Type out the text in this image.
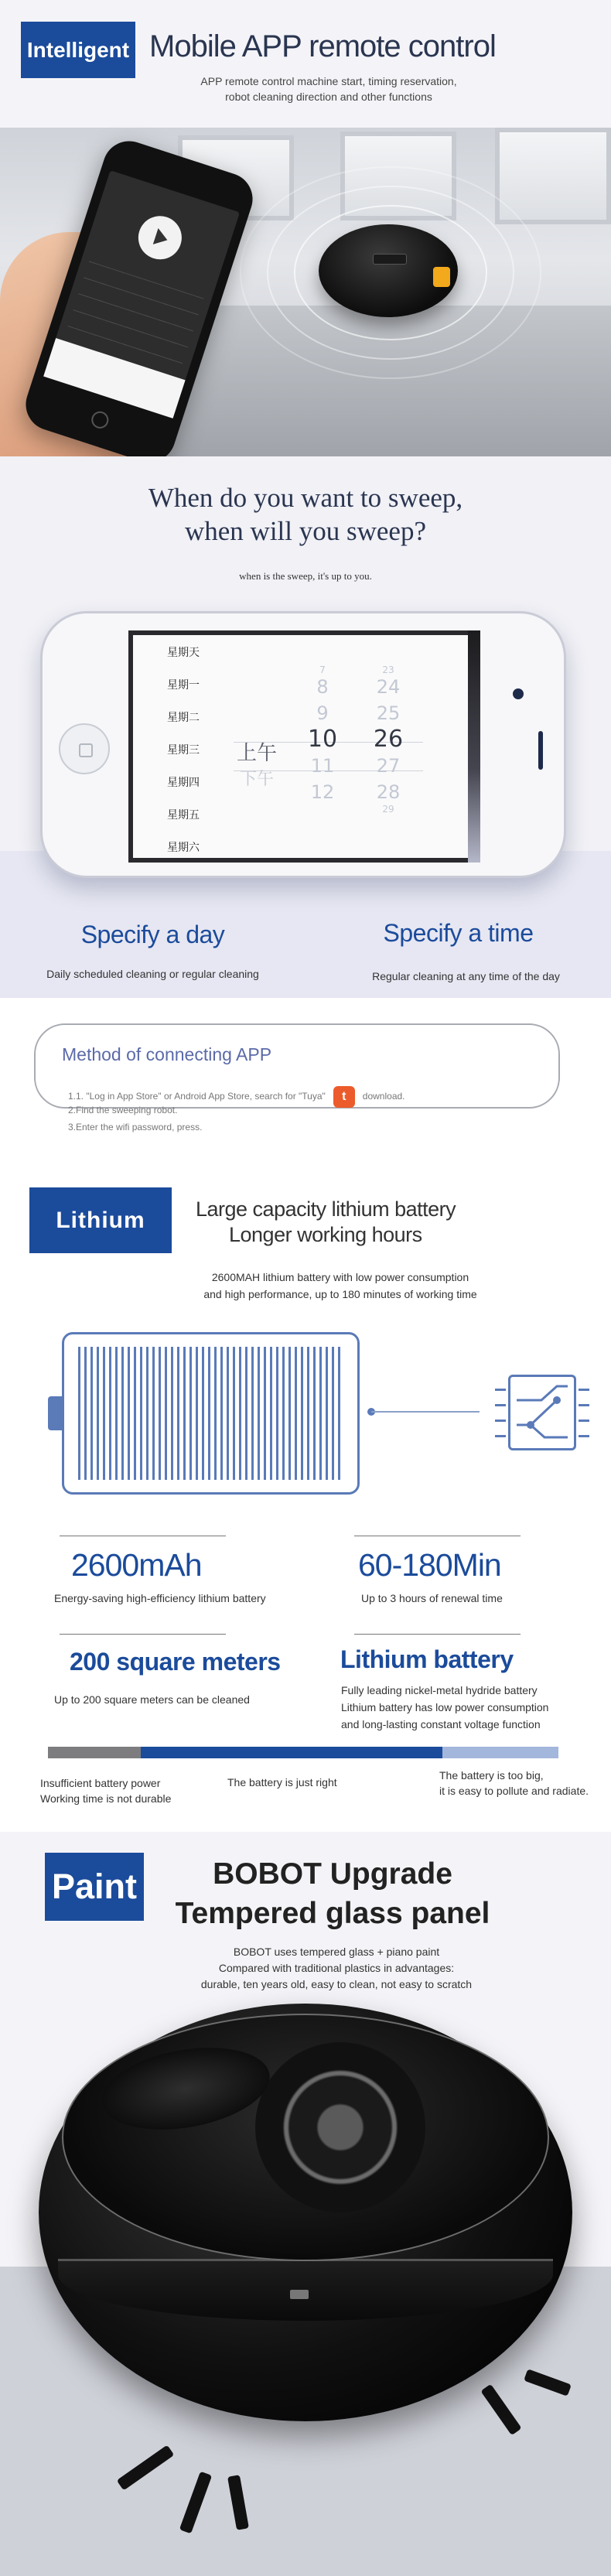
Intelligent Mobile APP remote control
APP remote control machine start, timing reservation,
robot cleaning direction and other functions
When do you want to sweep,
when will you sweep?
when is the sweep, it's up to you.
星期天
星期一
星期二
星期三
星期四
星期五
星期六
上午
下午
7
8
9
10
11
12
23
24
25
26
27
28
29
Specify a day	Specify a time
Daily scheduled cleaning or regular cleaning	Regular cleaning at any time of the day
Method of connecting APP
1.1. "Log in App Store" or Android App Store, search for "Tuya" t download.
2.Find the sweeping robot.
3.Enter the wifi password, press.
Lithium	Large capacity lithium battery
Longer working hours
2600MAH lithium battery with low power consumption
and high performance, up to 180 minutes of working time
2600mAh	60-180Min
Energy-saving high-efficiency lithium battery	Up to 3 hours of renewal time
200 square meters Lithium battery
Up to 200 square meters can be cleaned
Fully leading nickel-metal hydride battery
Lithium battery has low power consumption
and long-lasting constant voltage function
Insufficient battery power
Working time is not durable
The battery is just right
The battery is too big,
it is easy to pollute and radiate.
Paint	BOBOT Upgrade
Tempered glass panel
BOBOT uses tempered glass + piano paint
Compared with traditional plastics in advantages:
durable, ten years old, easy to clean, not easy to scratch
